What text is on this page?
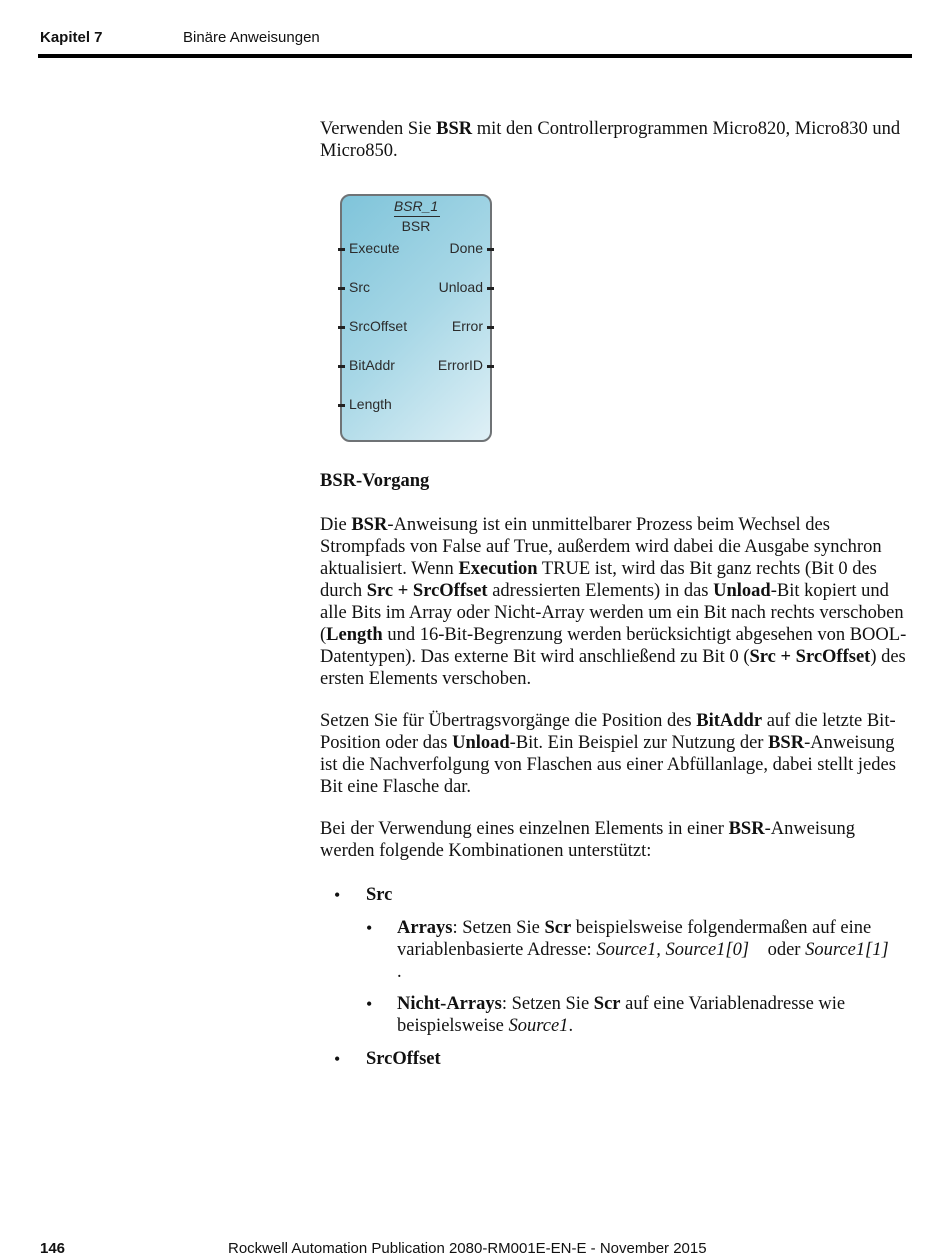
Kapitel 7	Binäre Anweisungen

Verwenden Sie BSR mit den Controllerprogrammen Micro820, Micro830 und Micro850.

BSR_1
BSR
Execute
Src
SrcOffset
BitAddr
Length
Done
Unload
Error
ErrorID

BSR-Vorgang

Die BSR-Anweisung ist ein unmittelbarer Prozess beim Wechsel des Strompfads von False auf True, außerdem wird dabei die Ausgabe synchron aktualisiert. Wenn Execution TRUE ist, wird das Bit ganz rechts (Bit 0 des durch Src + SrcOffset adressierten Elements) in das Unload-Bit kopiert und alle Bits im Array oder Nicht-Array werden um ein Bit nach rechts verschoben (Length und 16-Bit-Begrenzung werden berücksichtigt abgesehen von BOOL-Datentypen). Das externe Bit wird anschließend zu Bit 0 (Src + SrcOffset) des ersten Elements verschoben.

Setzen Sie für Übertragsvorgänge die Position des BitAddr auf die letzte Bit-Position oder das Unload-Bit. Ein Beispiel zur Nutzung der BSR-Anweisung ist die Nachverfolgung von Flaschen aus einer Abfüllanlage, dabei stellt jedes Bit eine Flasche dar.

Bei der Verwendung eines einzelnen Elements in einer BSR-Anweisung werden folgende Kombinationen unterstützt:

• Src
• Arrays: Setzen Sie Scr beispielsweise folgendermaßen auf eine variablenbasierte Adresse: Source1, Source1[0]    oder Source1[1]
.
• Nicht-Arrays: Setzen Sie Scr auf eine Variablenadresse wie beispielsweise Source1.
• SrcOffset
146	Rockwell Automation Publication 2080-RM001E-EN-E - November 2015
